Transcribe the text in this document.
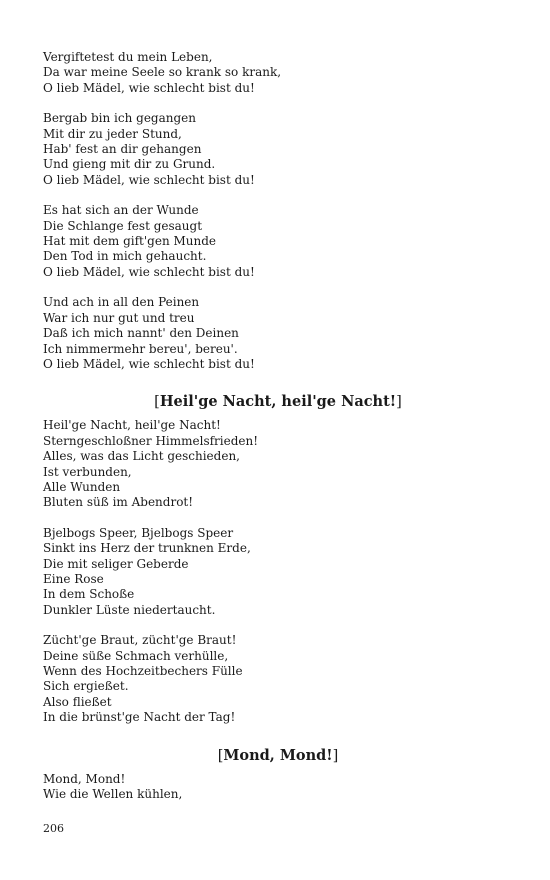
Vergiftetest du mein Leben,
Da war meine Seele so krank so krank,
O lieb Mädel, wie schlecht bist du!
Bergab bin ich gegangen
Mit dir zu jeder Stund,
Hab' fest an dir gehangen
Und gieng mit dir zu Grund.
O lieb Mädel, wie schlecht bist du!
Es hat sich an der Wunde
Die Schlange fest gesaugt
Hat mit dem gift'gen Munde
Den Tod in mich gehaucht.
O lieb Mädel, wie schlecht bist du!
Und ach in all den Peinen
War ich nur gut und treu
Daß ich mich nannt' den Deinen
Ich nimmermehr bereu', bereu'.
O lieb Mädel, wie schlecht bist du!
[Heil'ge Nacht, heil'ge Nacht!]
Heil'ge Nacht, heil'ge Nacht!
Sterngeschloßner Himmelsfrieden!
Alles, was das Licht geschieden,
Ist verbunden,
Alle Wunden
Bluten süß im Abendrot!
Bjelbogs Speer, Bjelbogs Speer
Sinkt ins Herz der trunknen Erde,
Die mit seliger Geberde
Eine Rose
In dem Schoße
Dunkler Lüste niedertaucht.
Zücht'ge Braut, zücht'ge Braut!
Deine süße Schmach verhülle,
Wenn des Hochzeitbechers Fülle
Sich ergießet.
Also fließet
In die brünst'ge Nacht der Tag!
[Mond, Mond!]
Mond, Mond!
Wie die Wellen kühlen,
206
